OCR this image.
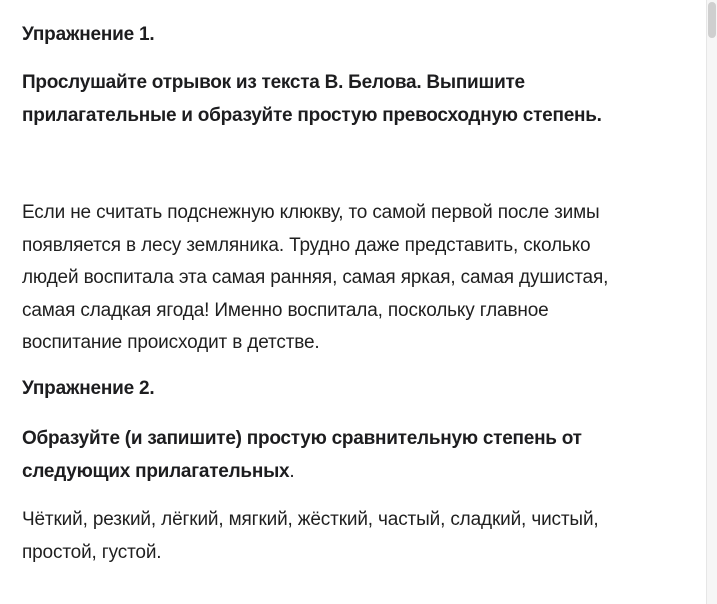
Упражнение 1.

Прослушайте отрывок из текста В. Белова. Выпишите
прилагательные и образуйте простую превосходную степень.

Если не считать подснежную клюкву, то самой первой после зимы
появляется в лесу земляника. Трудно даже представить, сколько
людей воспитала эта самая ранняя, самая яркая, самая душистая,
самая сладкая ягода! Именно воспитала, поскольку главное
воспитание происходит в детстве.

Упражнение 2.

Образуйте (и запишите) простую сравнительную степень от
следующих прилагательных.

Чёткий, резкий, лёгкий, мягкий, жёсткий, частый, сладкий, чистый,
простой, густой.
